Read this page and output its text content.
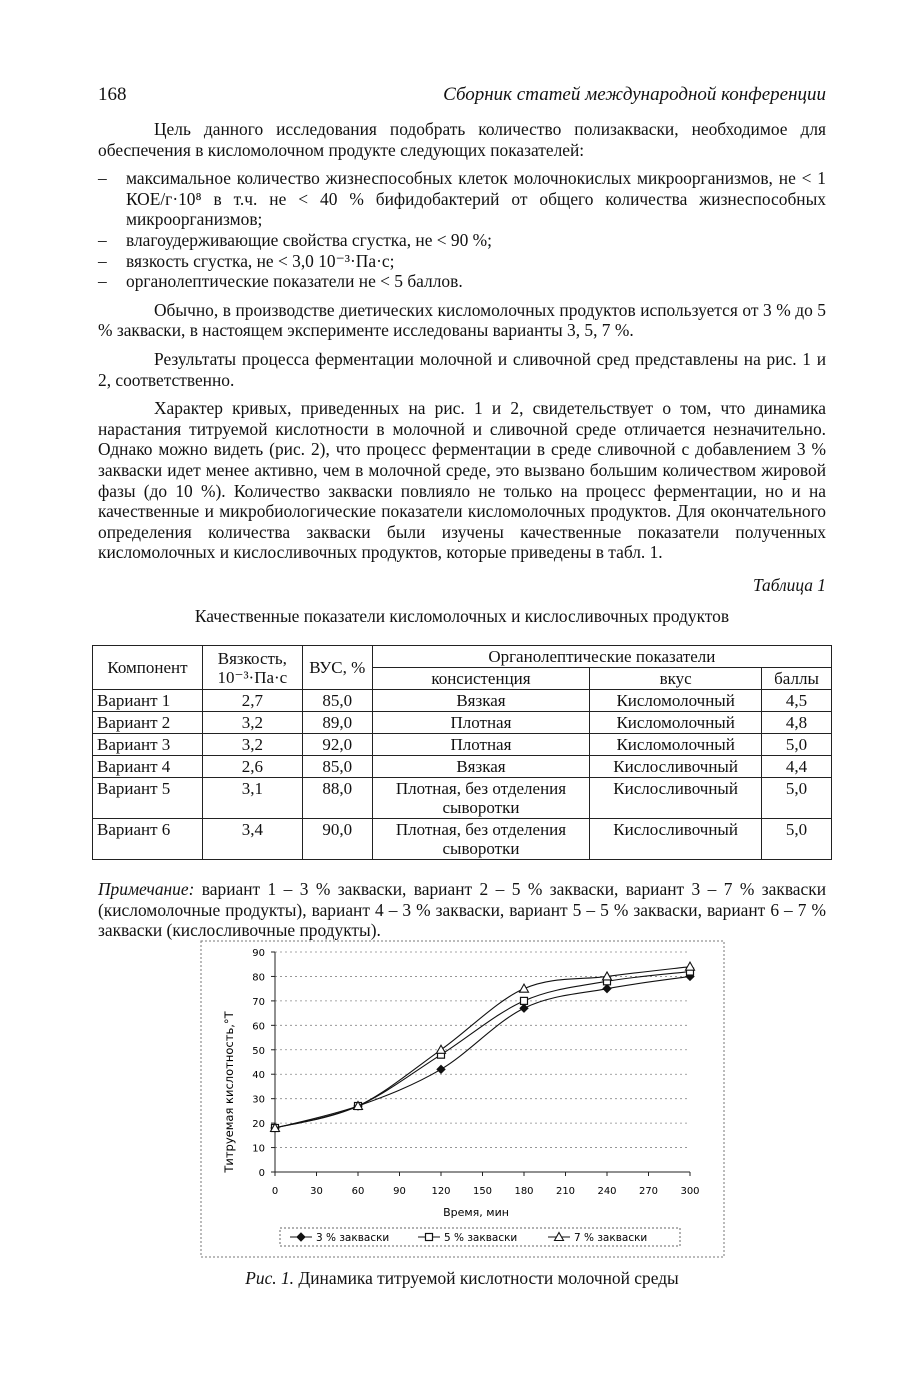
168	Сборник статей международной конференции

Цель данного исследования подобрать количество полизакваски, необходимое для обеспечения в кисломолочном продукте следующих показателей:

– максимальное количество жизнеспособных клеток молочнокислых микроорганизмов, не < 1 КОЕ/г·10⁸ в т.ч. не < 40 % бифидобактерий от общего количества жизнеспособных микроорганизмов;
– влагоудерживающие свойства сгустка, не < 90 %;
– вязкость сгустка, не < 3,0 10⁻³·Па·с;
– органолептические показатели не < 5 баллов.

Обычно, в производстве диетических кисломолочных продуктов используется от 3 % до 5 % закваски, в настоящем эксперименте исследованы варианты 3, 5, 7 %.

Результаты процесса ферментации молочной и сливочной сред представлены на рис. 1 и 2, соответственно.

Характер кривых, приведенных на рис. 1 и 2, свидетельствует о том, что динамика нарастания титруемой кислотности в молочной и сливочной среде отличается незначительно. Однако можно видеть (рис. 2), что процесс ферментации в среде сливочной с добавлением 3 % закваски идет менее активно, чем в молочной среде, это вызвано большим количеством жировой фазы (до 10 %). Количество закваски повлияло не только на процесс ферментации, но и на качественные и микробиологические показатели кисломолочных продуктов. Для окончательного определения количества закваски были изучены качественные показатели полученных кисломолочных и кислосливочных продуктов, которые приведены в табл. 1.

Таблица 1
Качественные показатели кисломолочных и кислосливочных продуктов
Компонент	Вязкость, 10⁻³·Па·с	ВУС, %	Органолептические показатели		
			консистенция	вкус	баллы
Вариант 1	2,7	85,0	Вязкая	Кисломолочный	4,5
Вариант 2	3,2	89,0	Плотная	Кисломолочный	4,8
Вариант 3	3,2	92,0	Плотная	Кисломолочный	5,0
Вариант 4	2,6	85,0	Вязкая	Кислосливочный	4,4
Вариант 5	3,1	88,0	Плотная, без отделения сыворотки	Кислосливочный	5,0
Вариант 6	3,4	90,0	Плотная, без отделения сыворотки	Кислосливочный	5,0
Примечание: вариант 1 – 3 % закваски, вариант 2 – 5 % закваски, вариант 3 – 7 % закваски (кисломолочные продукты), вариант 4 – 3 % закваски, вариант 5 – 5 % закваски, вариант 6 – 7 % закваски (кислосливочные продукты).
Титруемая кислотность,°Т
Время, мин
0
10
20
30
40
50
60
70
80
90
0	30	60	90	120 150 180 210 240 270 300
3 % закваски	5 % закваски	7 % закваски
Рис. 1. Динамика титруемой кислотности молочной среды
